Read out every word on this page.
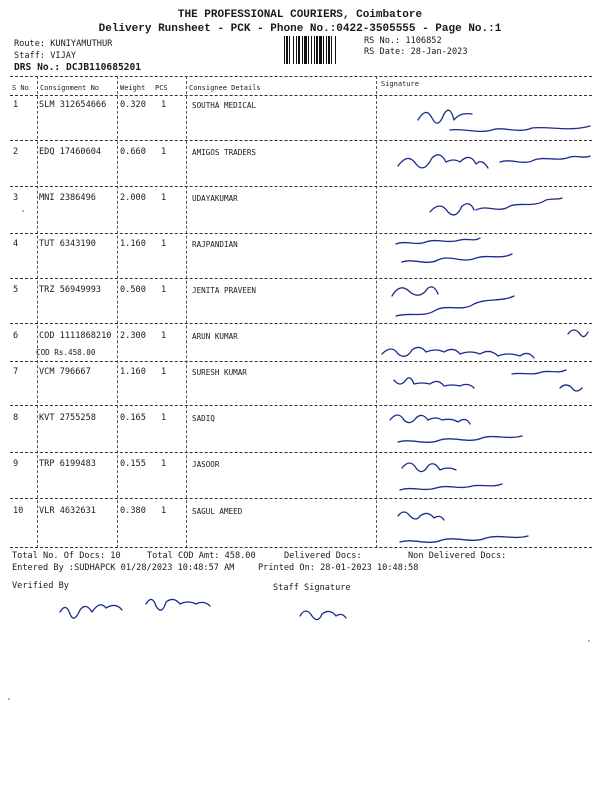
THE PROFESSIONAL COURIERS, Coimbatore
Delivery Runsheet - PCK - Phone No.:0422-3505555 - Page No.:1
Route: KUNIYAMUTHUR
Staff: VIJAY
DRS No.: DCJB110685201
RS No.: 1106852
RS Date: 28-Jan-2023
S No Consignment No	Weight PCS	Consignee Details	Signature
1 SLM 312654666 0.320 1	SOUTHA MEDICAL
2 EDQ 17460604 0.660 1	AMIGOS TRADERS
3 MNI 2386496	2.000 1	UDAYAKUMAR
4 TUT 6343190	1.160 1	RAJPANDIAN
5 TRZ 56949993 0.500 1	JENITA PRAVEEN
6 COD 1111868210 2.300 1	ARUN KUMAR
COD Rs.458.00
7 VCM 796667	1.160 1	SURESH KUMAR
8 KVT 2755258	0.165 1	SADIQ
9 TRP 6199483	0.155 1	JASOOR
10 VLR 4632631	0.380 1	SAGUL AMEED
Total No. Of Docs: 10	Total COD Amt: 458.00	Delivered Docs:	Non Delivered Docs:
Entered By :SUDHAPCK 01/28/2023 10:48:57 AM	Printed On: 28-01-2023 10:48:58
Verified By	Staff Signature
